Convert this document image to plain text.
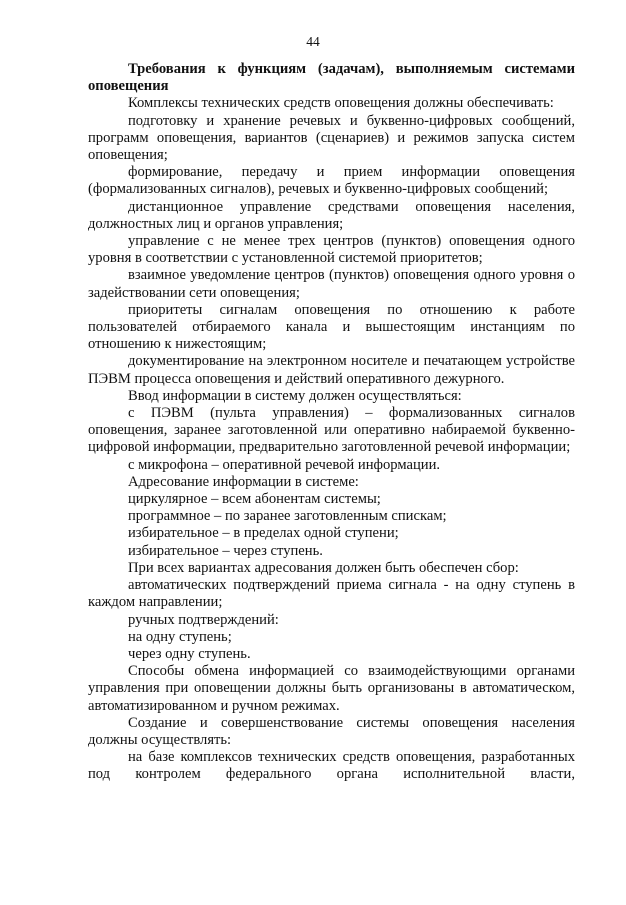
44

Требования к функциям (задачам), выполняемым системами оповещения

Комплексы технических средств оповещения должны обеспечивать:

подготовку и хранение речевых и буквенно-цифровых сообщений, программ оповещения, вариантов (сценариев) и режимов запуска систем оповещения;

формирование, передачу и прием информации оповещения (формализованных сигналов), речевых и буквенно-цифровых сообщений;

дистанционное управление средствами оповещения населения, должностных лиц и органов управления;

управление с не менее трех центров (пунктов) оповещения одного уровня в соответствии с установленной системой приоритетов;

взаимное уведомление центров (пунктов) оповещения одного уровня о задействовании сети оповещения;

приоритеты сигналам оповещения по отношению к работе пользователей отбираемого канала и вышестоящим инстанциям по отношению к нижестоящим;

документирование на электронном носителе и печатающем устройстве ПЭВМ процесса оповещения и действий оперативного дежурного.

Ввод информации в систему должен осуществляться:

с ПЭВМ (пульта управления) – формализованных сигналов оповещения, заранее заготовленной или оперативно набираемой буквенно-цифровой информации, предварительно заготовленной речевой информации;

с микрофона – оперативной речевой информации.

Адресование информации в системе:

циркулярное – всем абонентам системы;

программное – по заранее заготовленным спискам;

избирательное – в пределах одной ступени;

избирательное – через ступень.

При всех вариантах адресования должен быть обеспечен сбор:

автоматических подтверждений приема сигнала - на одну ступень в каждом направлении;

ручных подтверждений:

на одну ступень;

через одну ступень.

Способы обмена информацией со взаимодействующими органами управления при оповещении должны быть организованы в автоматическом, автоматизированном и ручном режимах.

Создание и совершенствование системы оповещения населения должны осуществлять:

на базе комплексов технических средств оповещения, разработанных под контролем федерального органа исполнительной власти,
